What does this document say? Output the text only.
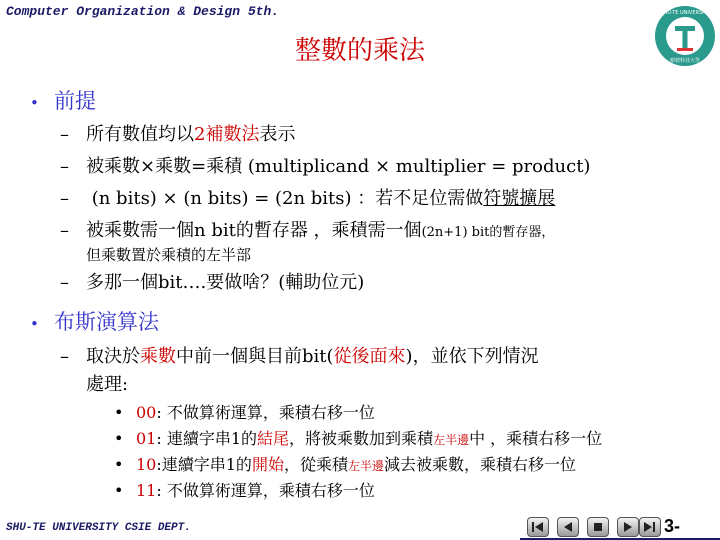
Computer Organization & Design 5th.	SHU-TE UNIVERSITY
樹德科技大學
整數的乘法
• 前提
– 所有數值均以2補數法表示
– 被乘數×乘數=乘積 (multiplicand × multiplier = product)
– (n bits) × (n bits) = (2n bits) ：若不足位需做符號擴展
– 被乘數需一個n bit的暫存器 ，乘積需一個(2n+1) bit的暫存器，
但乘數置於乘積的左半部
– 多那一個bit….要做啥？(輔助位元)
• 布斯演算法
– 取決於乘數中前一個與目前bit(從後面來)，並依下列情況
處理:
• 00: 不做算術運算，乘積右移一位
• 01: 連續字串1的結尾，將被乘數加到乘積左半邊中 ，乘積右移一位
• 10:連續字串1的開始，從乘積左半邊減去被乘數，乘積右移一位
• 11: 不做算術運算，乘積右移一位
SHU-TE UNIVERSITY CSIE DEPT.	3-
